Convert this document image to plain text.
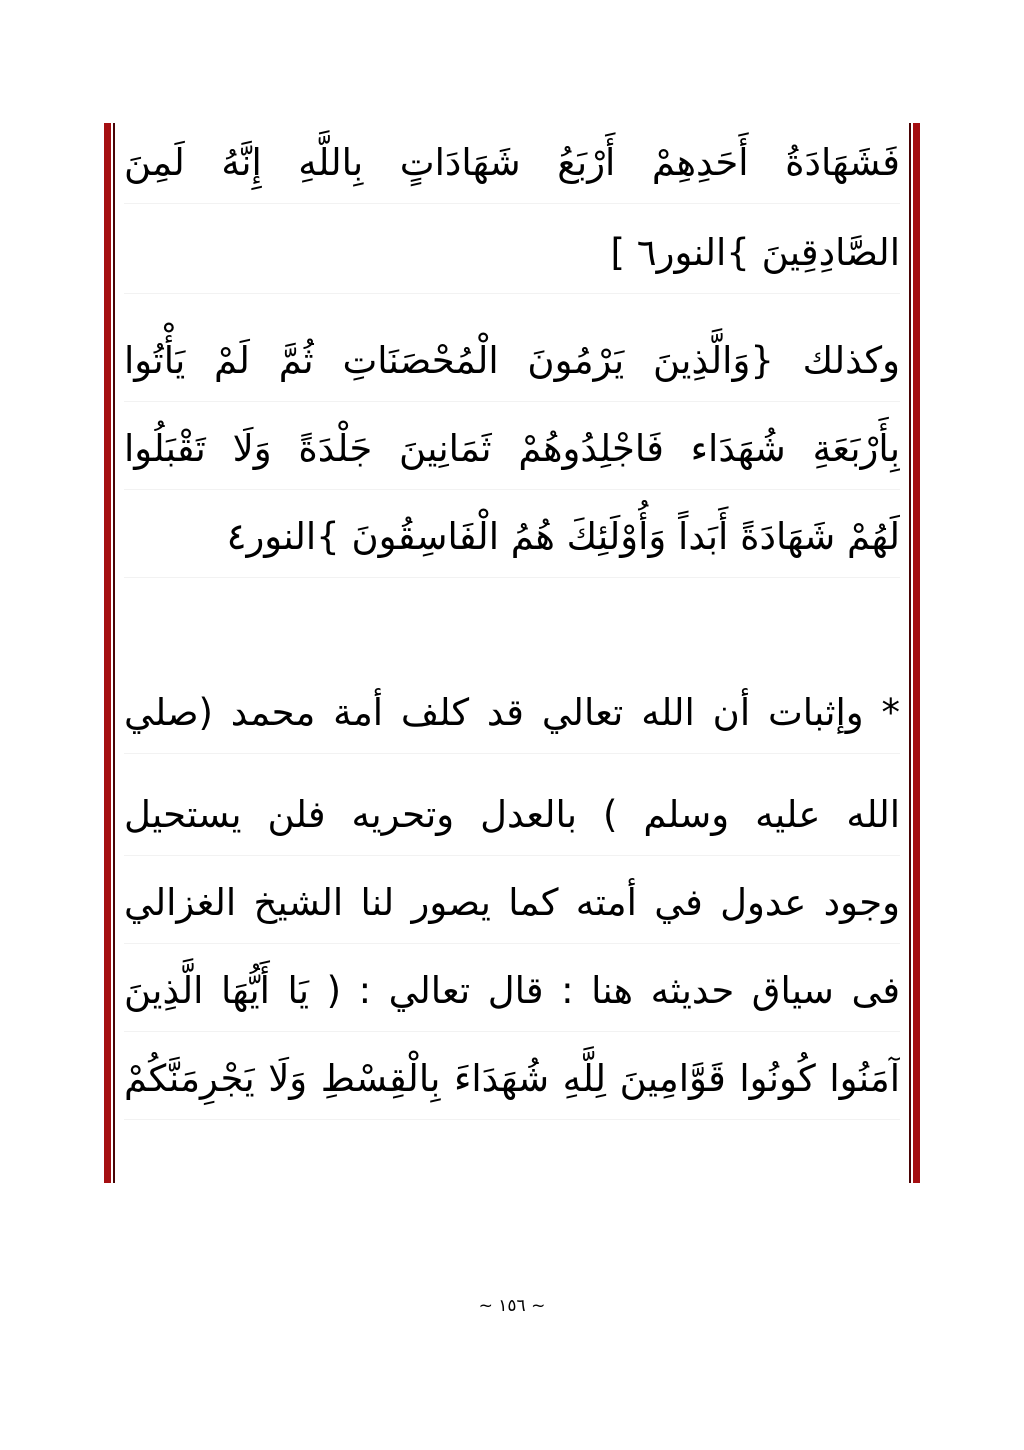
فَشَهَادَةُ أَحَدِهِمْ أَرْبَعُ شَهَادَاتٍ بِاللَّهِ إِنَّهُ لَمِنَ
الصَّادِقِينَ }النور٦ ]
وكذلك {وَالَّذِينَ يَرْمُونَ الْمُحْصَنَاتِ ثُمَّ لَمْ يَأْتُوا
بِأَرْبَعَةِ شُهَدَاء فَاجْلِدُوهُمْ ثَمَانِينَ جَلْدَةً وَلَا تَقْبَلُوا
لَهُمْ شَهَادَةً أَبَداً وَأُوْلَئِكَ هُمُ الْفَاسِقُونَ }النور٤
* وإثبات أن الله تعالي قد كلف أمة محمد (صلي
الله عليه وسلم ) بالعدل وتحريه فلن يستحيل
وجود عدول في أمته كما يصور لنا الشيخ الغزالي
فى سياق حديثه هنا : قال تعالي : ( يَا أَيُّهَا الَّذِينَ
آمَنُوا كُونُوا قَوَّامِينَ لِلَّهِ شُهَدَاءَ بِالْقِسْطِ وَلَا يَجْرِمَنَّكُمْ
~ ١٥٦ ~
